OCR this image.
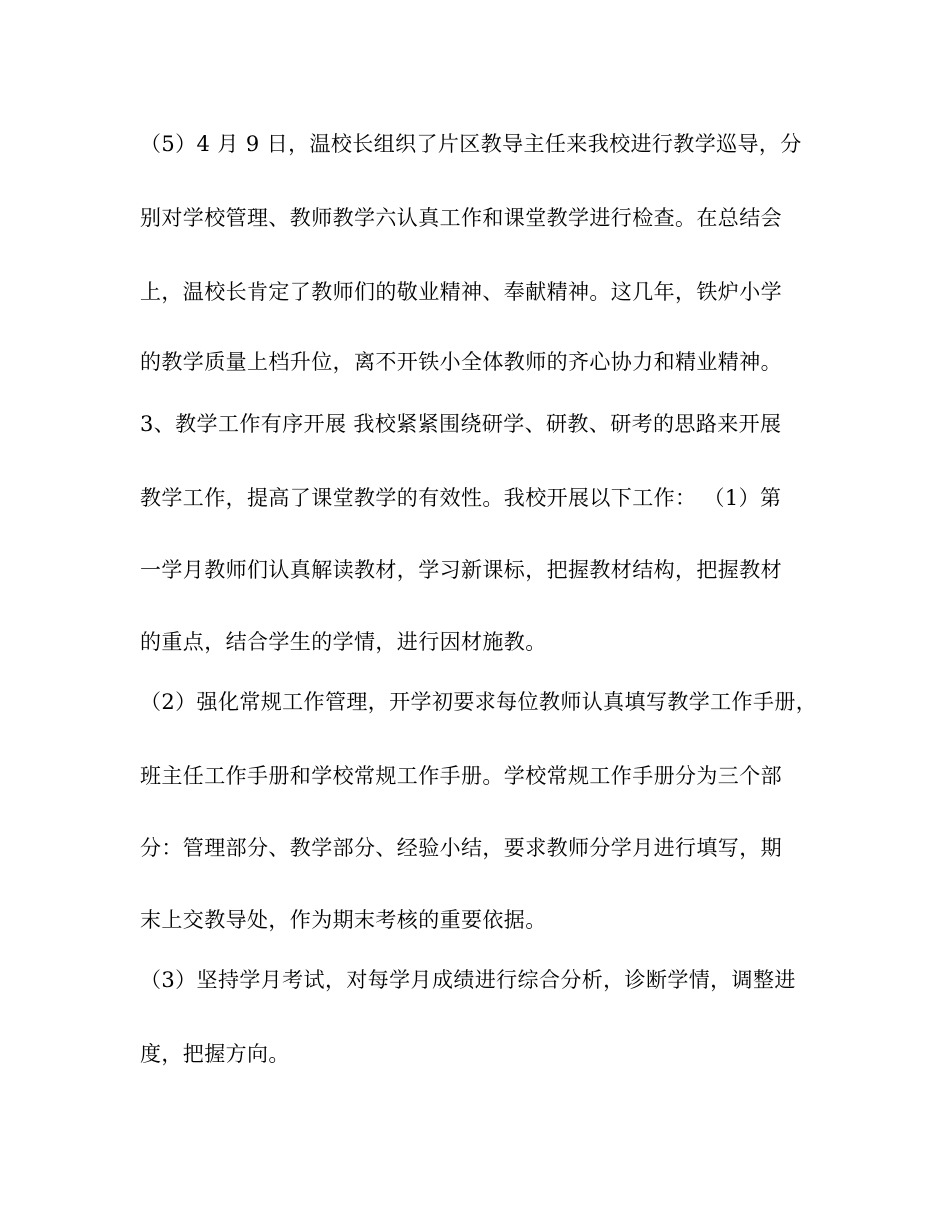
（5）4 月 9 日，温校长组织了片区教导主任来我校进行教学巡导，分
别对学校管理、教师教学六认真工作和课堂教学进行检查。在总结会
上，温校长肯定了教师们的敬业精神、奉献精神。这几年，铁炉小学
的教学质量上档升位，离不开铁小全体教师的齐心协力和精业精神。
3、教学工作有序开展 我校紧紧围绕研学、研教、研考的思路来开展
教学工作，提高了课堂教学的有效性。我校开展以下工作： （1）第
一学月教师们认真解读教材，学习新课标，把握教材结构，把握教材
的重点，结合学生的学情，进行因材施教。
（2）强化常规工作管理，开学初要求每位教师认真填写教学工作手册，
班主任工作手册和学校常规工作手册。学校常规工作手册分为三个部
分：管理部分、教学部分、经验小结，要求教师分学月进行填写，期
末上交教导处，作为期末考核的重要依据。
（3）坚持学月考试，对每学月成绩进行综合分析，诊断学情，调整进
度，把握方向。
